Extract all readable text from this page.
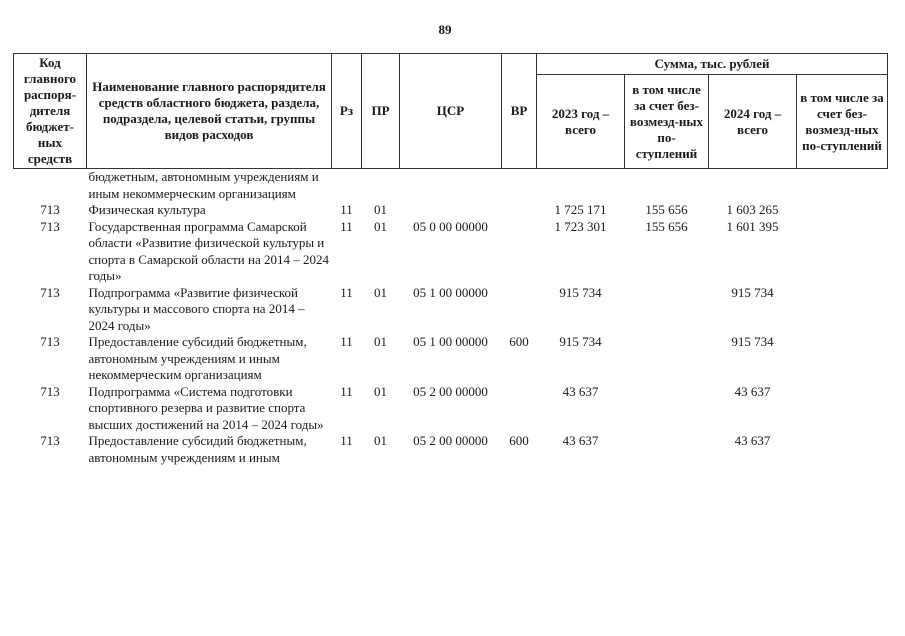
89
Код главного распоря-дителя бюджет-ных средств	Наименование главного распорядителя средств областного бюджета, раздела, подраздела, целевой статьи, группы видов расходов	Рз	ПР	ЦСР	ВР	Сумма, тыс. рублей			
						2023 год – всего	в том числе за счет без-возмезд-ных по-ступлений	2024 год – всего	в том числе за счет без-возмезд-ных по-ступлений
	бюджетным, автономным учреждениям и иным некоммерческим организациям								
713	Физическая культура	11	01			1 725 171	155 656	1 603 265	
713	Государственная программа Самарской области «Развитие физической культуры и спорта в Самарской области на 2014 – 2024 годы»	11	01	05 0 00 00000		1 723 301	155 656	1 601 395	
713	Подпрограмма «Развитие физической культуры и массового спорта на 2014 – 2024 годы»	11	01	05 1 00 00000		915 734		915 734	
713	Предоставление субсидий бюджетным, автономным учреждениям и иным некоммерческим организациям	11	01	05 1 00 00000	600	915 734		915 734	
713	Подпрограмма «Система подготовки спортивного резерва и развитие спорта высших достижений на 2014 – 2024 годы»	11	01	05 2 00 00000		43 637		43 637	
713	Предоставление субсидий бюджетным, автономным учреждениям и иным	11	01	05 2 00 00000	600	43 637		43 637	
